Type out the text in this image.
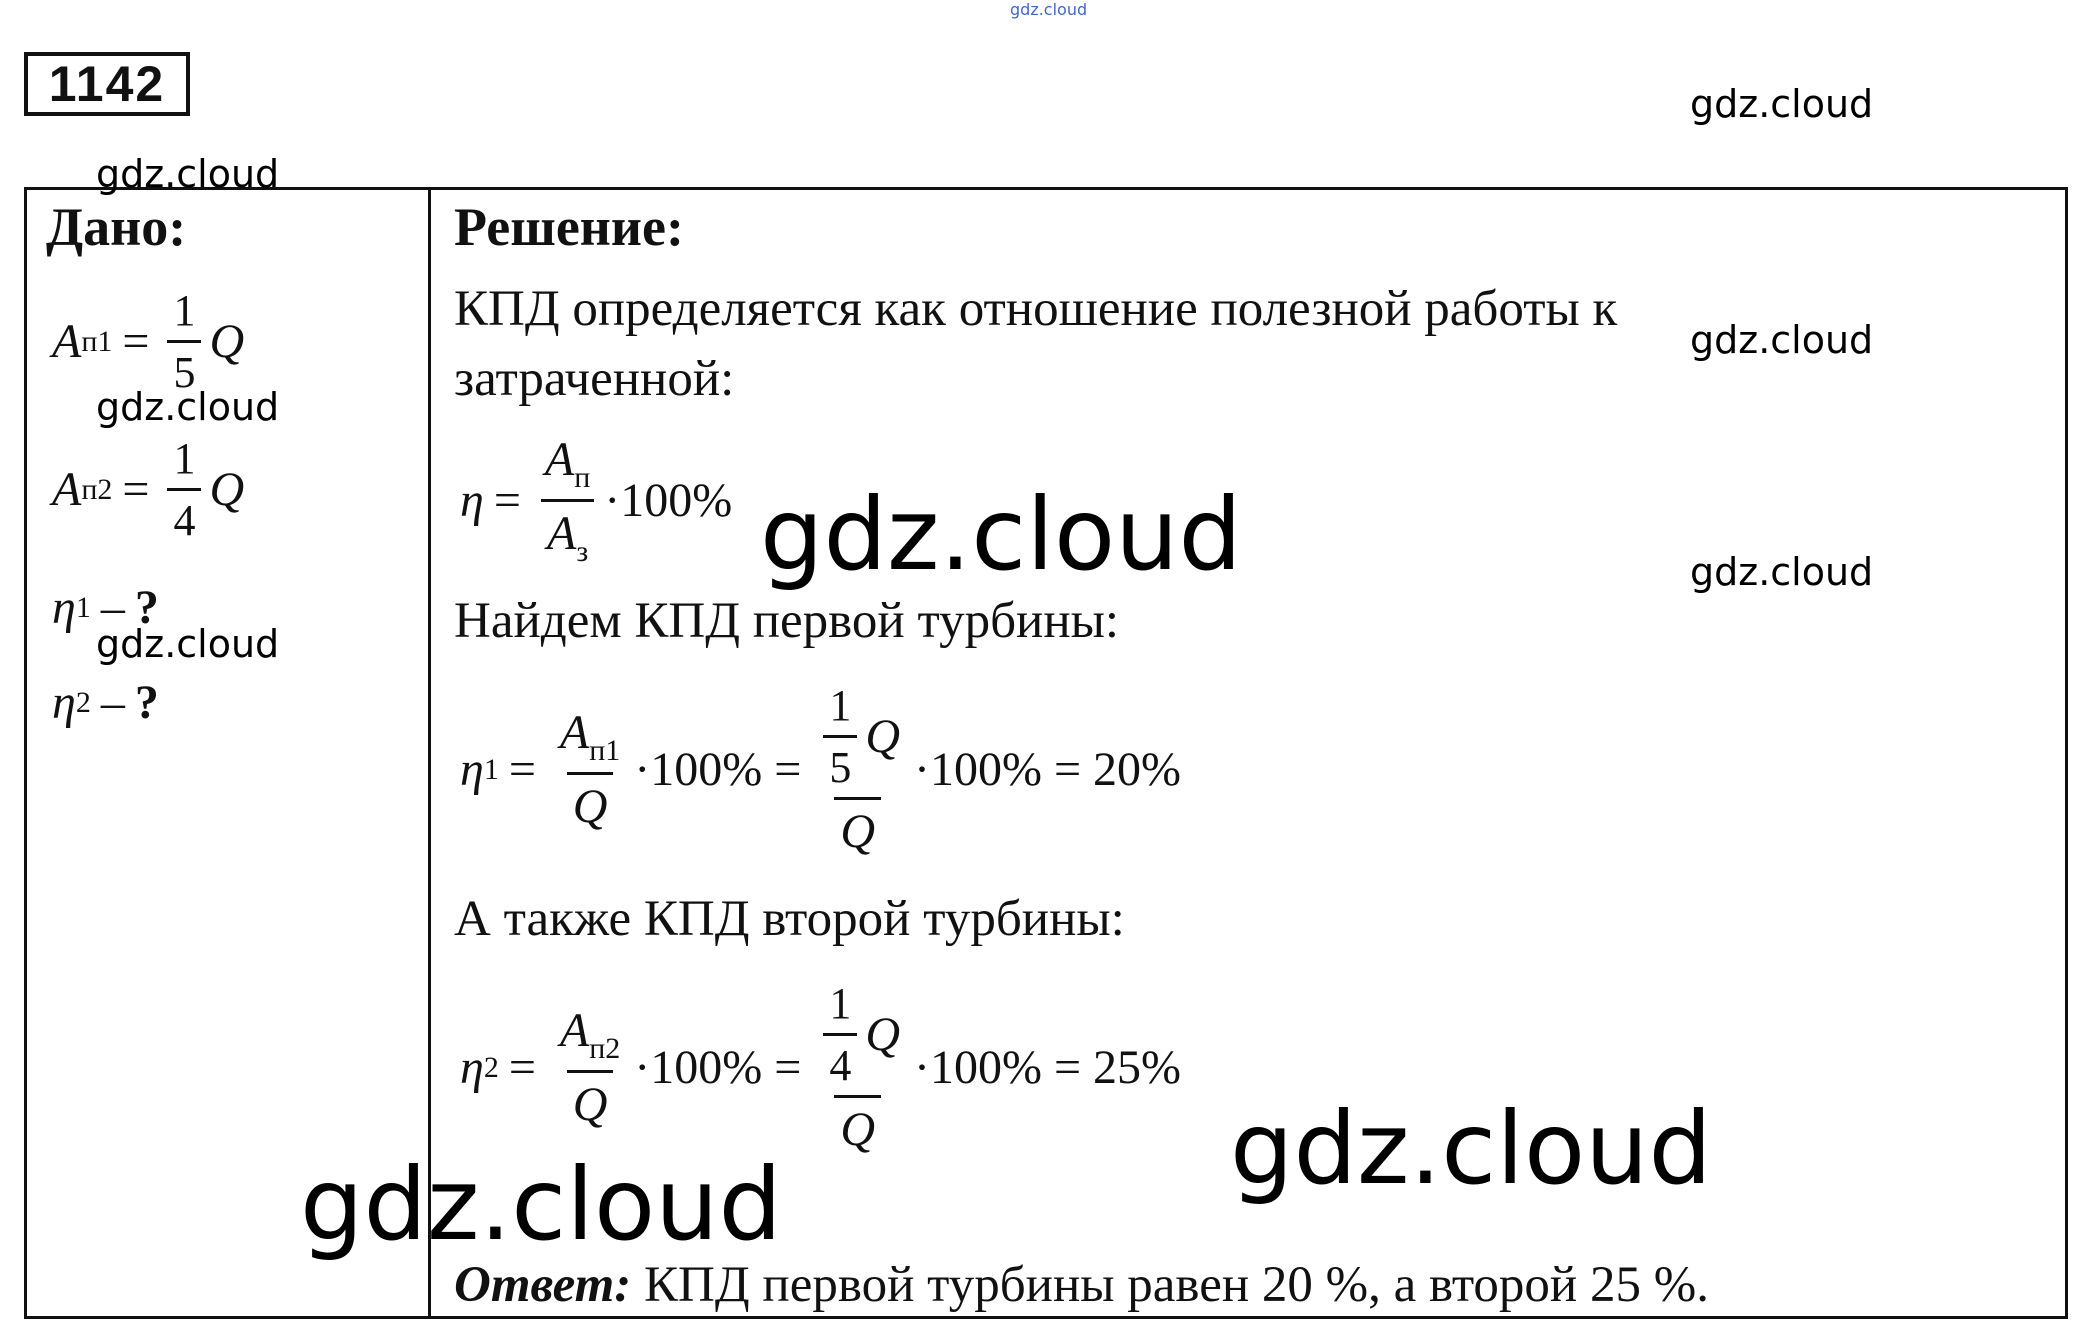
gdz.cloud
1142
Дано:
A $п1 = \frac{1}{5}$ Q
A $п2 = \frac{1}{4}$ Q
η 1 – ?
η 2 – ?
Решение:
КПД определяется как отношение полезной работы к
затраченной:
$\eta = \frac{A_п}{A_з} \cdot 100\%$
Найдем КПД первой турбины:
η $1 = \frac{A_{п1}}{Q} \cdot 100\% = \frac{\frac{1}{5} Q}{Q} \cdot 100\% = 20\%$
А также КПД второй турбины:
η $2 = \frac{A_{п2}}{Q} \cdot 100\% = \frac{\frac{1}{4} Q}{Q} \cdot 100\% = 25\%$
Ответ: КПД первой турбины равен 20 %, а второй 25 %.
gdz.cloud
gdz.cloud
gdz.cloud
gdz.cloud
gdz.cloud
gdz.cloud
gdz.cloud
gdz.cloud
gdz.cloud
